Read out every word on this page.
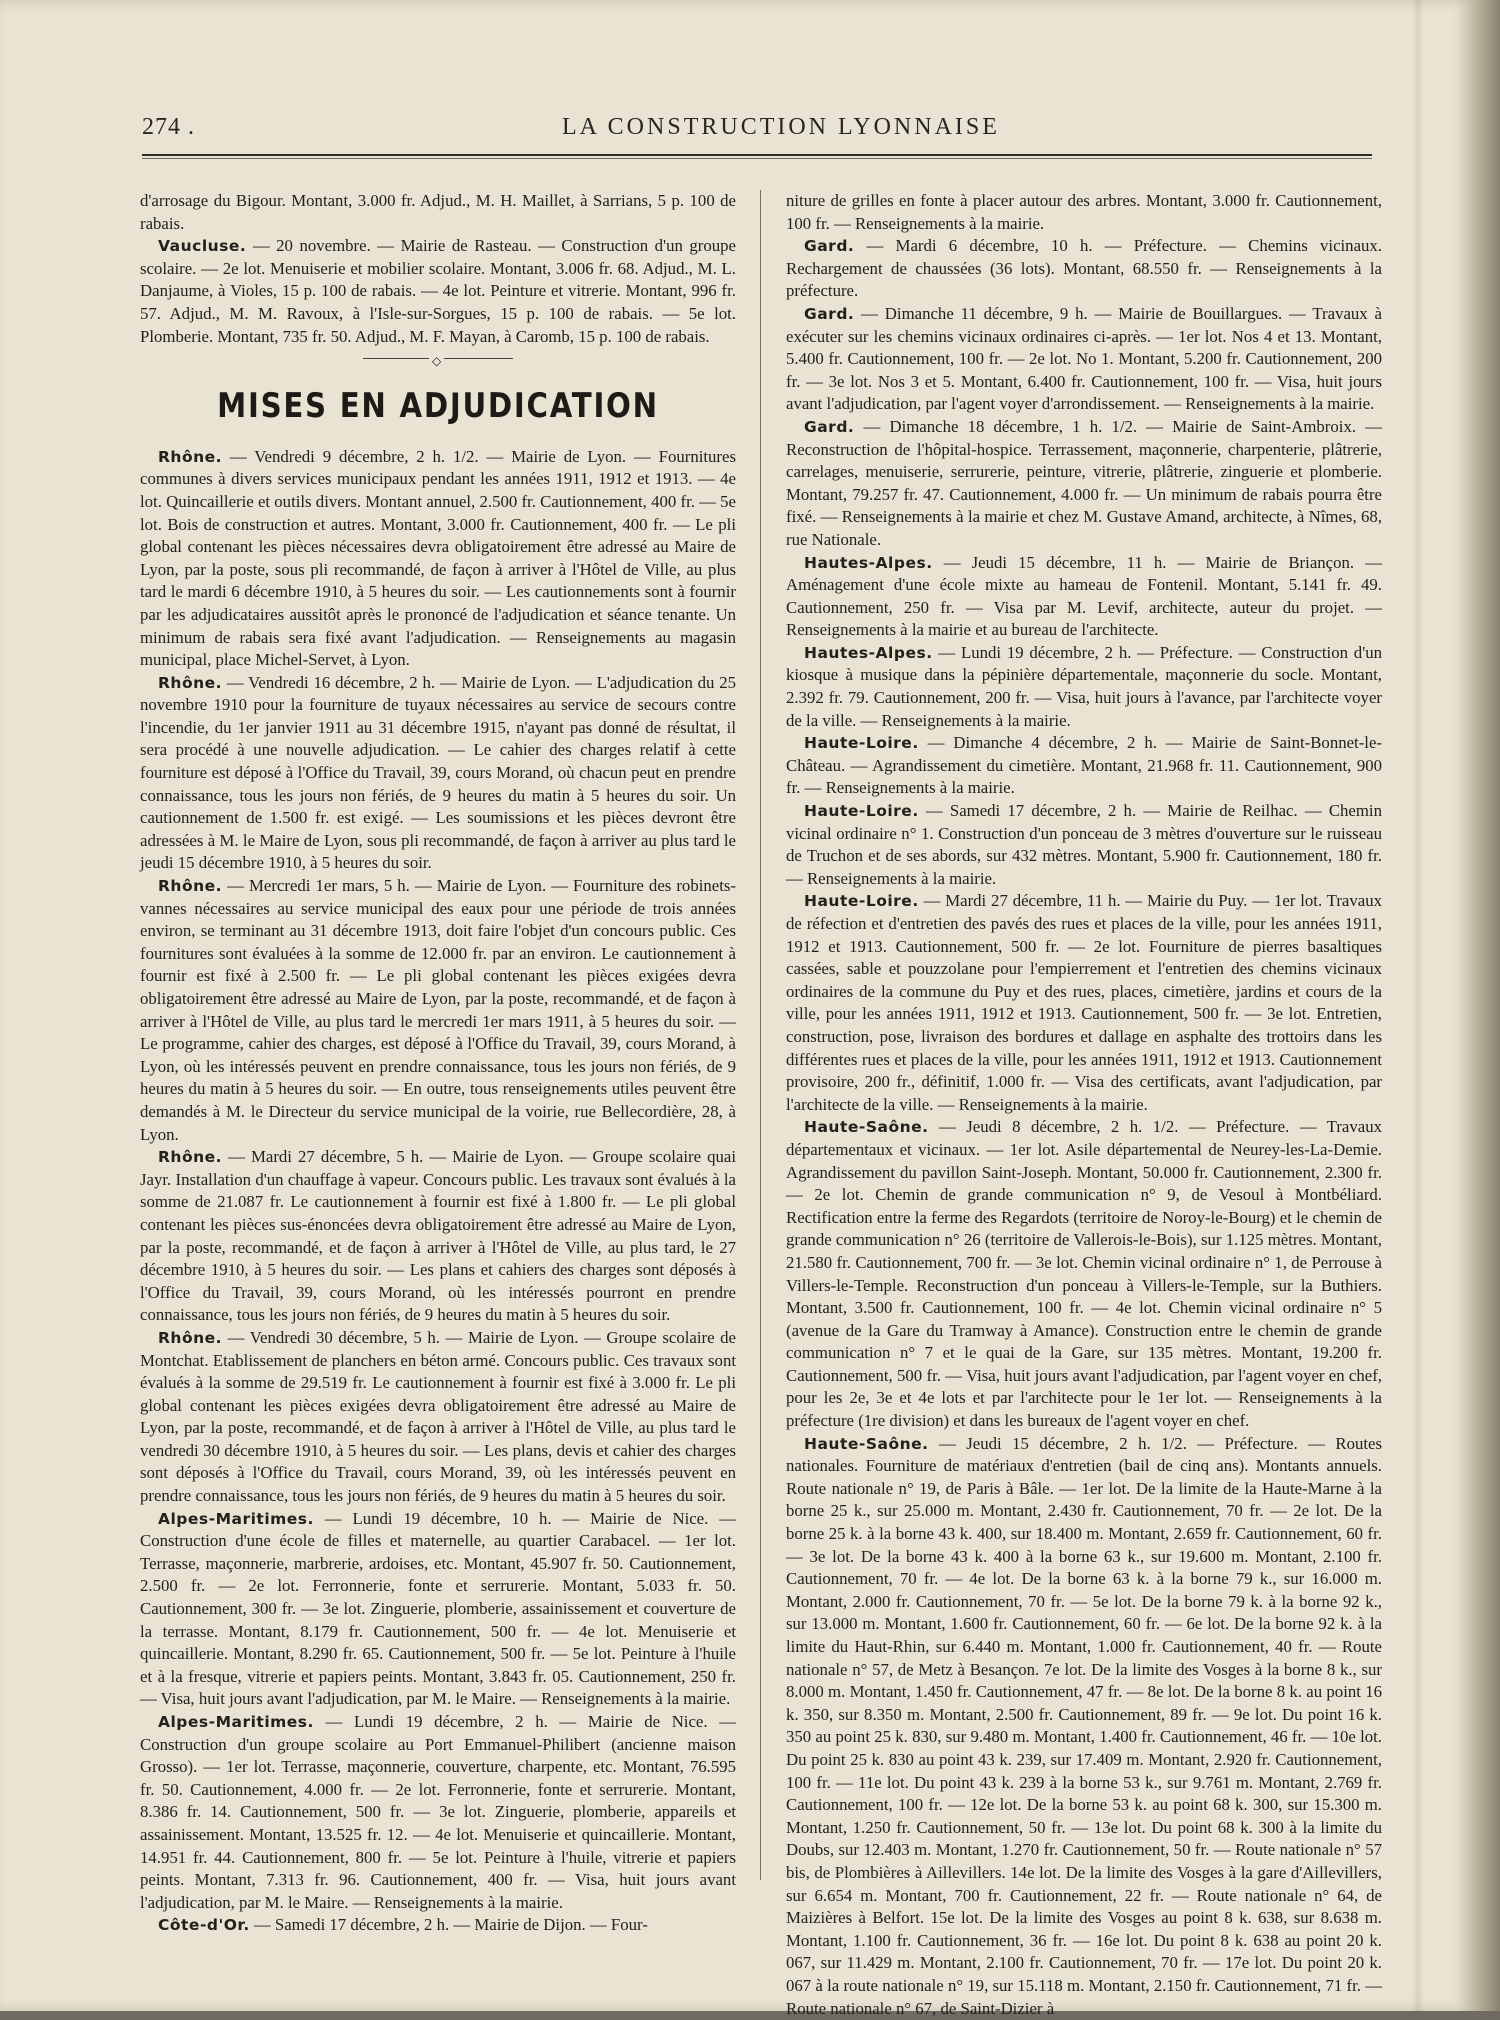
274 .	LA CONSTRUCTION LYONNAISE

d'arrosage du Bigour. Montant, 3.000 fr. Adjud., M. H. Maillet, à Sarrians, 5 p. 100 de rabais.

Vaucluse. — 20 novembre. — Mairie de Rasteau. — Construction d'un groupe scolaire. — 2e lot. Menuiserie et mobilier scolaire. Montant, 3.006 fr. 68. Adjud., M. L. Danjaume, à Violes, 15 p. 100 de rabais. — 4e lot. Peinture et vitrerie. Montant, 996 fr. 57. Adjud., M. M. Ravoux, à l'Isle-sur-Sorgues, 15 p. 100 de rabais. — 5e lot. Plomberie. Montant, 735 fr. 50. Adjud., M. F. Mayan, à Caromb, 15 p. 100 de rabais.

◇
MISES EN ADJUDICATION

Rhône. — Vendredi 9 décembre, 2 h. 1/2. — Mairie de Lyon. — Fournitures communes à divers services municipaux pendant les années 1911, 1912 et 1913. — 4e lot. Quincaillerie et outils divers. Montant annuel, 2.500 fr. Cautionnement, 400 fr. — 5e lot. Bois de construction et autres. Montant, 3.000 fr. Cautionnement, 400 fr. — Le pli global contenant les pièces nécessaires devra obligatoirement être adressé au Maire de Lyon, par la poste, sous pli recommandé, de façon à arriver à l'Hôtel de Ville, au plus tard le mardi 6 décembre 1910, à 5 heures du soir. — Les cautionnements sont à fournir par les adjudicataires aussitôt après le prononcé de l'adjudication et séance tenante. Un minimum de rabais sera fixé avant l'adjudication. — Renseignements au magasin municipal, place Michel-Servet, à Lyon.

Rhône. — Vendredi 16 décembre, 2 h. — Mairie de Lyon. — L'adjudication du 25 novembre 1910 pour la fourniture de tuyaux nécessaires au service de secours contre l'incendie, du 1er janvier 1911 au 31 décembre 1915, n'ayant pas donné de résultat, il sera procédé à une nouvelle adjudication. — Le cahier des charges relatif à cette fourniture est déposé à l'Office du Travail, 39, cours Morand, où chacun peut en prendre connaissance, tous les jours non fériés, de 9 heures du matin à 5 heures du soir. Un cautionnement de 1.500 fr. est exigé. — Les soumissions et les pièces devront être adressées à M. le Maire de Lyon, sous pli recommandé, de façon à arriver au plus tard le jeudi 15 décembre 1910, à 5 heures du soir.

Rhône. — Mercredi 1er mars, 5 h. — Mairie de Lyon. — Fourniture des robinets-vannes nécessaires au service municipal des eaux pour une période de trois années environ, se terminant au 31 décembre 1913, doit faire l'objet d'un concours public. Ces fournitures sont évaluées à la somme de 12.000 fr. par an environ. Le cautionnement à fournir est fixé à 2.500 fr. — Le pli global contenant les pièces exigées devra obligatoirement être adressé au Maire de Lyon, par la poste, recommandé, et de façon à arriver à l'Hôtel de Ville, au plus tard le mercredi 1er mars 1911, à 5 heures du soir. — Le programme, cahier des charges, est déposé à l'Office du Travail, 39, cours Morand, à Lyon, où les intéressés peuvent en prendre connaissance, tous les jours non fériés, de 9 heures du matin à 5 heures du soir. — En outre, tous renseignements utiles peuvent être demandés à M. le Directeur du service municipal de la voirie, rue Bellecordière, 28, à Lyon.

Rhône. — Mardi 27 décembre, 5 h. — Mairie de Lyon. — Groupe scolaire quai Jayr. Installation d'un chauffage à vapeur. Concours public. Les travaux sont évalués à la somme de 21.087 fr. Le cautionnement à fournir est fixé à 1.800 fr. — Le pli global contenant les pièces sus-énoncées devra obligatoirement être adressé au Maire de Lyon, par la poste, recommandé, et de façon à arriver à l'Hôtel de Ville, au plus tard, le 27 décembre 1910, à 5 heures du soir. — Les plans et cahiers des charges sont déposés à l'Office du Travail, 39, cours Morand, où les intéressés pourront en prendre connaissance, tous les jours non fériés, de 9 heures du matin à 5 heures du soir.

Rhône. — Vendredi 30 décembre, 5 h. — Mairie de Lyon. — Groupe scolaire de Montchat. Etablissement de planchers en béton armé. Concours public. Ces travaux sont évalués à la somme de 29.519 fr. Le cautionnement à fournir est fixé à 3.000 fr. Le pli global contenant les pièces exigées devra obligatoirement être adressé au Maire de Lyon, par la poste, recommandé, et de façon à arriver à l'Hôtel de Ville, au plus tard le vendredi 30 décembre 1910, à 5 heures du soir. — Les plans, devis et cahier des charges sont déposés à l'Office du Travail, cours Morand, 39, où les intéressés peuvent en prendre connaissance, tous les jours non fériés, de 9 heures du matin à 5 heures du soir.

Alpes-Maritimes. — Lundi 19 décembre, 10 h. — Mairie de Nice. — Construction d'une école de filles et maternelle, au quartier Carabacel. — 1er lot. Terrasse, maçonnerie, marbrerie, ardoises, etc. Montant, 45.907 fr. 50. Cautionnement, 2.500 fr. — 2e lot. Ferronnerie, fonte et serrurerie. Montant, 5.033 fr. 50. Cautionnement, 300 fr. — 3e lot. Zinguerie, plomberie, assainissement et couverture de la terrasse. Montant, 8.179 fr. Cautionnement, 500 fr. — 4e lot. Menuiserie et quincaillerie. Montant, 8.290 fr. 65. Cautionnement, 500 fr. — 5e lot. Peinture à l'huile et à la fresque, vitrerie et papiers peints. Montant, 3.843 fr. 05. Cautionnement, 250 fr. — Visa, huit jours avant l'adjudication, par M. le Maire. — Renseignements à la mairie.

Alpes-Maritimes. — Lundi 19 décembre, 2 h. — Mairie de Nice. — Construction d'un groupe scolaire au Port Emmanuel-Philibert (ancienne maison Grosso). — 1er lot. Terrasse, maçonnerie, couverture, charpente, etc. Montant, 76.595 fr. 50. Cautionnement, 4.000 fr. — 2e lot. Ferronnerie, fonte et serrurerie. Montant, 8.386 fr. 14. Cautionnement, 500 fr. — 3e lot. Zinguerie, plomberie, appareils et assainissement. Montant, 13.525 fr. 12. — 4e lot. Menuiserie et quincaillerie. Montant, 14.951 fr. 44. Cautionnement, 800 fr. — 5e lot. Peinture à l'huile, vitrerie et papiers peints. Montant, 7.313 fr. 96. Cautionnement, 400 fr. — Visa, huit jours avant l'adjudication, par M. le Maire. — Renseignements à la mairie.

Côte-d'Or. — Samedi 17 décembre, 2 h. — Mairie de Dijon. — Four-

niture de grilles en fonte à placer autour des arbres. Montant, 3.000 fr. Cautionnement, 100 fr. — Renseignements à la mairie.

Gard. — Mardi 6 décembre, 10 h. — Préfecture. — Chemins vicinaux. Rechargement de chaussées (36 lots). Montant, 68.550 fr. — Renseignements à la préfecture.

Gard. — Dimanche 11 décembre, 9 h. — Mairie de Bouillargues. — Travaux à exécuter sur les chemins vicinaux ordinaires ci-après. — 1er lot. Nos 4 et 13. Montant, 5.400 fr. Cautionnement, 100 fr. — 2e lot. No 1. Montant, 5.200 fr. Cautionnement, 200 fr. — 3e lot. Nos 3 et 5. Montant, 6.400 fr. Cautionnement, 100 fr. — Visa, huit jours avant l'adjudication, par l'agent voyer d'arrondissement. — Renseignements à la mairie.

Gard. — Dimanche 18 décembre, 1 h. 1/2. — Mairie de Saint-Ambroix. — Reconstruction de l'hôpital-hospice. Terrassement, maçonnerie, charpenterie, plâtrerie, carrelages, menuiserie, serrurerie, peinture, vitrerie, plâtrerie, zinguerie et plomberie. Montant, 79.257 fr. 47. Cautionnement, 4.000 fr. — Un minimum de rabais pourra être fixé. — Renseignements à la mairie et chez M. Gustave Amand, architecte, à Nîmes, 68, rue Nationale.

Hautes-Alpes. — Jeudi 15 décembre, 11 h. — Mairie de Briançon. — Aménagement d'une école mixte au hameau de Fontenil. Montant, 5.141 fr. 49. Cautionnement, 250 fr. — Visa par M. Levif, architecte, auteur du projet. — Renseignements à la mairie et au bureau de l'architecte.

Hautes-Alpes. — Lundi 19 décembre, 2 h. — Préfecture. — Construction d'un kiosque à musique dans la pépinière départementale, maçonnerie du socle. Montant, 2.392 fr. 79. Cautionnement, 200 fr. — Visa, huit jours à l'avance, par l'architecte voyer de la ville. — Renseignements à la mairie.

Haute-Loire. — Dimanche 4 décembre, 2 h. — Mairie de Saint-Bonnet-le-Château. — Agrandissement du cimetière. Montant, 21.968 fr. 11. Cautionnement, 900 fr. — Renseignements à la mairie.

Haute-Loire. — Samedi 17 décembre, 2 h. — Mairie de Reilhac. — Chemin vicinal ordinaire n° 1. Construction d'un ponceau de 3 mètres d'ouverture sur le ruisseau de Truchon et de ses abords, sur 432 mètres. Montant, 5.900 fr. Cautionnement, 180 fr. — Renseignements à la mairie.

Haute-Loire. — Mardi 27 décembre, 11 h. — Mairie du Puy. — 1er lot. Travaux de réfection et d'entretien des pavés des rues et places de la ville, pour les années 1911, 1912 et 1913. Cautionnement, 500 fr. — 2e lot. Fourniture de pierres basaltiques cassées, sable et pouzzolane pour l'empierrement et l'entretien des chemins vicinaux ordinaires de la commune du Puy et des rues, places, cimetière, jardins et cours de la ville, pour les années 1911, 1912 et 1913. Cautionnement, 500 fr. — 3e lot. Entretien, construction, pose, livraison des bordures et dallage en asphalte des trottoirs dans les différentes rues et places de la ville, pour les années 1911, 1912 et 1913. Cautionnement provisoire, 200 fr., définitif, 1.000 fr. — Visa des certificats, avant l'adjudication, par l'architecte de la ville. — Renseignements à la mairie.

Haute-Saône. — Jeudi 8 décembre, 2 h. 1/2. — Préfecture. — Travaux départementaux et vicinaux. — 1er lot. Asile départemental de Neurey-les-La-Demie. Agrandissement du pavillon Saint-Joseph. Montant, 50.000 fr. Cautionnement, 2.300 fr. — 2e lot. Chemin de grande communication n° 9, de Vesoul à Montbéliard. Rectification entre la ferme des Regardots (territoire de Noroy-le-Bourg) et le chemin de grande communication n° 26 (territoire de Vallerois-le-Bois), sur 1.125 mètres. Montant, 21.580 fr. Cautionnement, 700 fr. — 3e lot. Chemin vicinal ordinaire n° 1, de Perrouse à Villers-le-Temple. Reconstruction d'un ponceau à Villers-le-Temple, sur la Buthiers. Montant, 3.500 fr. Cautionnement, 100 fr. — 4e lot. Chemin vicinal ordinaire n° 5 (avenue de la Gare du Tramway à Amance). Construction entre le chemin de grande communication n° 7 et le quai de la Gare, sur 135 mètres. Montant, 19.200 fr. Cautionnement, 500 fr. — Visa, huit jours avant l'adjudication, par l'agent voyer en chef, pour les 2e, 3e et 4e lots et par l'architecte pour le 1er lot. — Renseignements à la préfecture (1re division) et dans les bureaux de l'agent voyer en chef.

Haute-Saône. — Jeudi 15 décembre, 2 h. 1/2. — Préfecture. — Routes nationales. Fourniture de matériaux d'entretien (bail de cinq ans). Montants annuels. Route nationale n° 19, de Paris à Bâle. — 1er lot. De la limite de la Haute-Marne à la borne 25 k., sur 25.000 m. Montant, 2.430 fr. Cautionnement, 70 fr. — 2e lot. De la borne 25 k. à la borne 43 k. 400, sur 18.400 m. Montant, 2.659 fr. Cautionnement, 60 fr. — 3e lot. De la borne 43 k. 400 à la borne 63 k., sur 19.600 m. Montant, 2.100 fr. Cautionnement, 70 fr. — 4e lot. De la borne 63 k. à la borne 79 k., sur 16.000 m. Montant, 2.000 fr. Cautionnement, 70 fr. — 5e lot. De la borne 79 k. à la borne 92 k., sur 13.000 m. Montant, 1.600 fr. Cautionnement, 60 fr. — 6e lot. De la borne 92 k. à la limite du Haut-Rhin, sur 6.440 m. Montant, 1.000 fr. Cautionnement, 40 fr. — Route nationale n° 57, de Metz à Besançon. 7e lot. De la limite des Vosges à la borne 8 k., sur 8.000 m. Montant, 1.450 fr. Cautionnement, 47 fr. — 8e lot. De la borne 8 k. au point 16 k. 350, sur 8.350 m. Montant, 2.500 fr. Cautionnement, 89 fr. — 9e lot. Du point 16 k. 350 au point 25 k. 830, sur 9.480 m. Montant, 1.400 fr. Cautionnement, 46 fr. — 10e lot. Du point 25 k. 830 au point 43 k. 239, sur 17.409 m. Montant, 2.920 fr. Cautionnement, 100 fr. — 11e lot. Du point 43 k. 239 à la borne 53 k., sur 9.761 m. Montant, 2.769 fr. Cautionnement, 100 fr. — 12e lot. De la borne 53 k. au point 68 k. 300, sur 15.300 m. Montant, 1.250 fr. Cautionnement, 50 fr. — 13e lot. Du point 68 k. 300 à la limite du Doubs, sur 12.403 m. Montant, 1.270 fr. Cautionnement, 50 fr. — Route nationale n° 57 bis, de Plombières à Aillevillers. 14e lot. De la limite des Vosges à la gare d'Aillevillers, sur 6.654 m. Montant, 700 fr. Cautionnement, 22 fr. — Route nationale n° 64, de Maizières à Belfort. 15e lot. De la limite des Vosges au point 8 k. 638, sur 8.638 m. Montant, 1.100 fr. Cautionnement, 36 fr. — 16e lot. Du point 8 k. 638 au point 20 k. 067, sur 11.429 m. Montant, 2.100 fr. Cautionnement, 70 fr. — 17e lot. Du point 20 k. 067 à la route nationale n° 19, sur 15.118 m. Montant, 2.150 fr. Cautionnement, 71 fr. — Route nationale n° 67, de Saint-Dizier à
